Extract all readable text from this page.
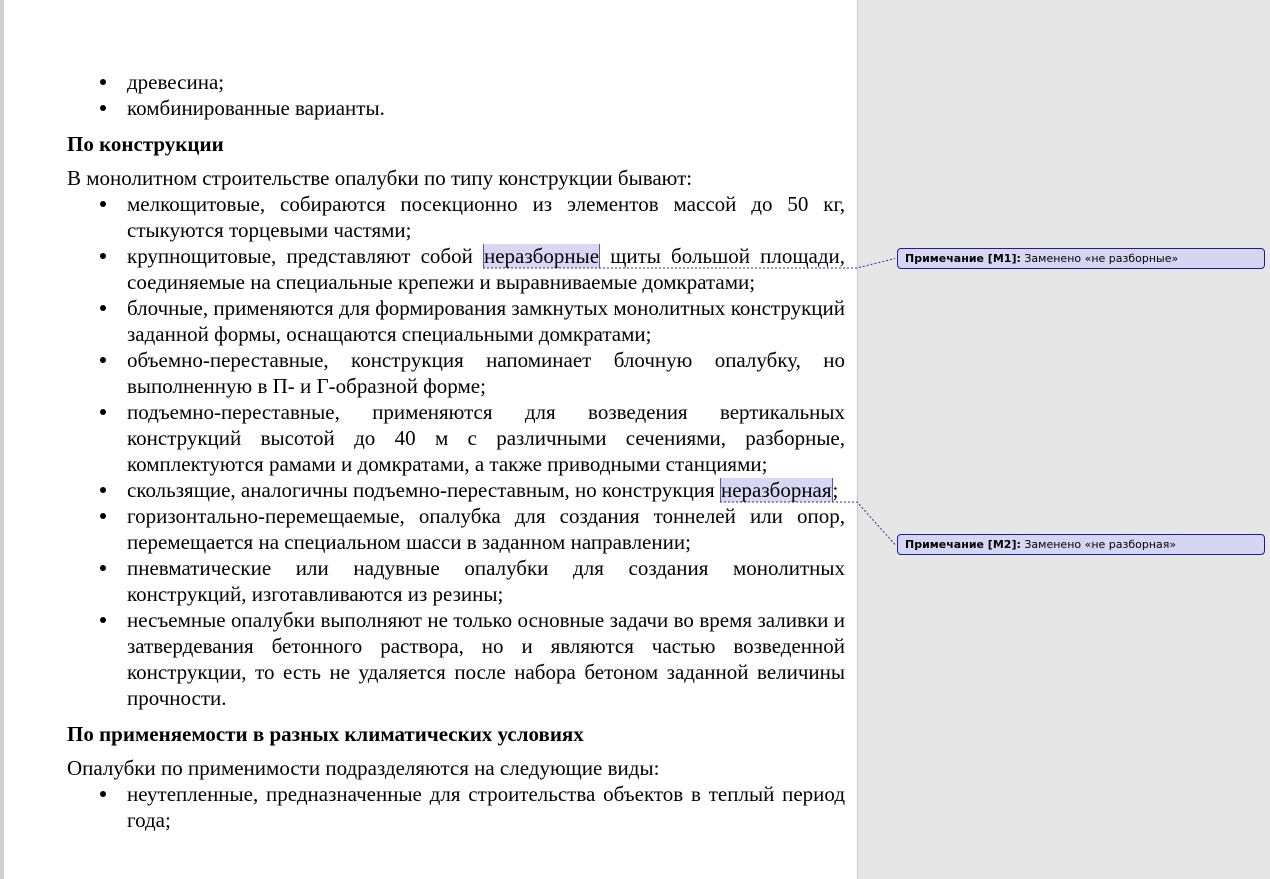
древесина;
комбинированные варианты.

По конструкции

В монолитном строительстве опалубки по типу конструкции бывают:

мелкощитовые, собираются посекционно из элементов массой до 50 кг, стыкуются торцевыми частями;
крупнощитовые, представляют собой неразборные щиты большой площади, соединяемые на специальные крепежи и выравниваемые домкратами;
блочные, применяются для формирования замкнутых монолитных конструкций заданной формы, оснащаются специальными домкратами;
объемно-переставные, конструкция напоминает блочную опалубку, но выполненную в П- и Г-образной форме;
подъемно-переставные, применяются для возведения вертикальных конструкций высотой до 40 м с различными сечениями, разборные, комплектуются рамами и домкратами, а также приводными станциями;
скользящие, аналогичны подъемно-переставным, но конструкция неразборная;
горизонтально-перемещаемые, опалубка для создания тоннелей или опор, перемещается на специальном шасси в заданном направлении;
пневматические или надувные опалубки для создания монолитных конструкций, изготавливаются из резины;
несъемные опалубки выполняют не только основные задачи во время заливки и затвердевания бетонного раствора, но и являются частью возведенной конструкции, то есть не удаляется после набора бетоном заданной величины прочности.

По применяемости в разных климатических условиях

Опалубки по применимости подразделяются на следующие виды:

неутепленные, предназначенные для строительства объектов в теплый период года;
Примечание [M1]: Заменено «не разборные»
Примечание [M2]: Заменено «не разборная»
